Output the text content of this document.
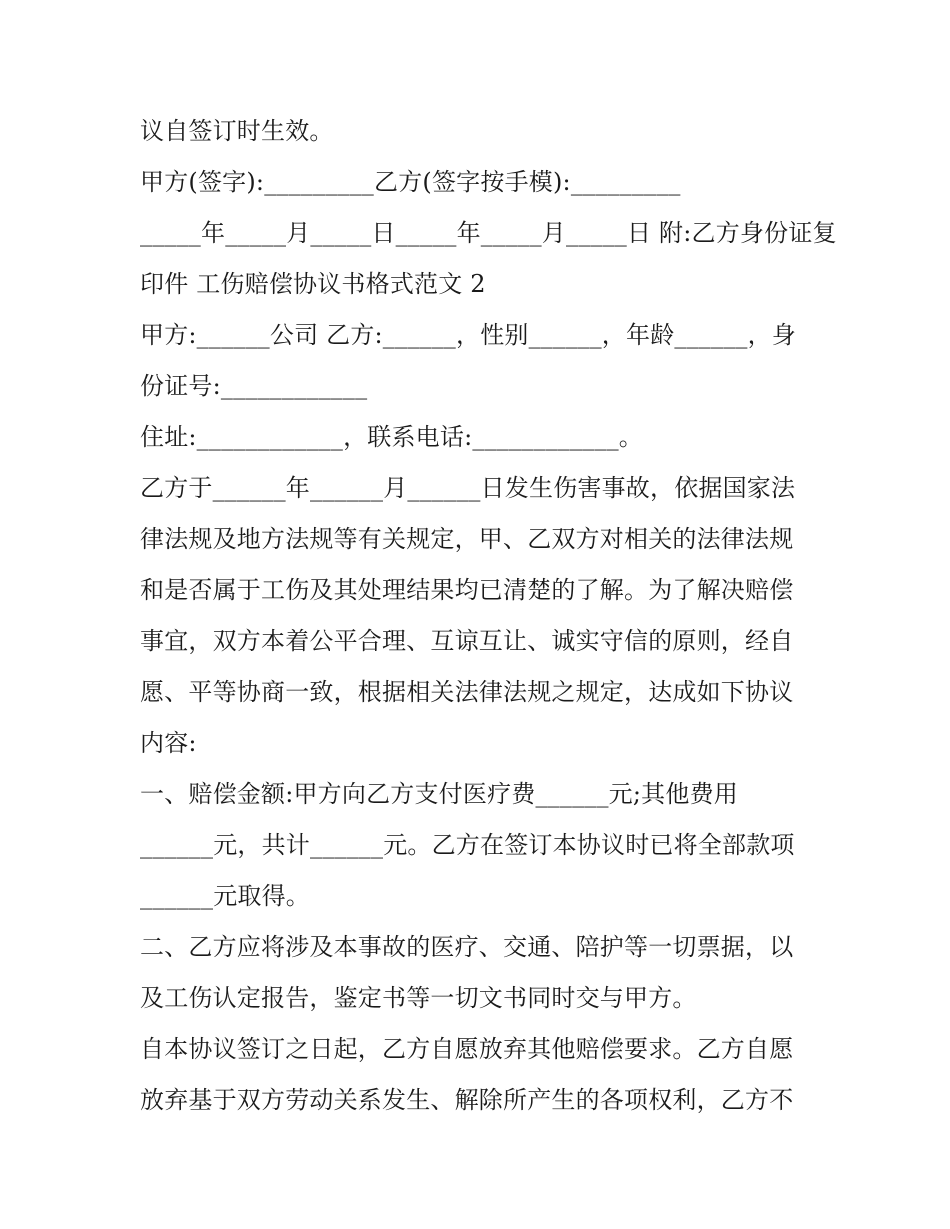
议自签订时生效。
甲方(签字):_________乙方(签字按手模):_________
_____年_____月_____日_____年_____月_____日 附:乙方身份证复
印件 工伤赔偿协议书格式范文 2
甲方:______公司 乙方:______，性别______，年龄______，身
份证号:____________
住址:____________，联系电话:____________。
乙方于______年______月______日发生伤害事故，依据国家法
律法规及地方法规等有关规定，甲、乙双方对相关的法律法规
和是否属于工伤及其处理结果均已清楚的了解。为了解决赔偿
事宜，双方本着公平合理、互谅互让、诚实守信的原则，经自
愿、平等协商一致，根据相关法律法规之规定，达成如下协议
内容:
一、赔偿金额:甲方向乙方支付医疗费______元;其他费用
______元，共计______元。乙方在签订本协议时已将全部款项
______元取得。
二、乙方应将涉及本事故的医疗、交通、陪护等一切票据，以
及工伤认定报告，鉴定书等一切文书同时交与甲方。
自本协议签订之日起，乙方自愿放弃其他赔偿要求。乙方自愿
放弃基于双方劳动关系发生、解除所产生的各项权利，乙方不
